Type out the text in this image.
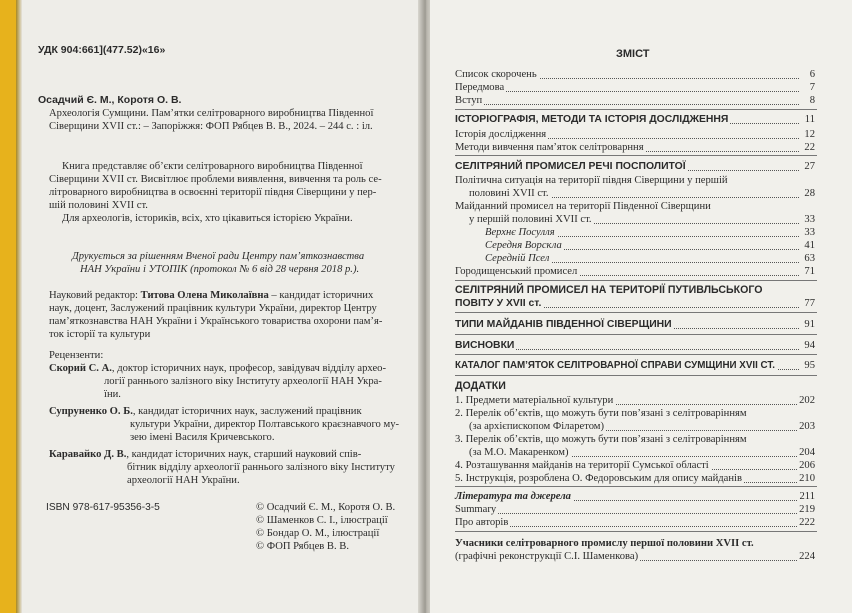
УДК 904:661](477.52)«16»
Осадчий Є. М., Коротя О. В.
Археологія Сумщини. Пам’ятки селітроварного виробництва Південної
Сіверщини XVII ст.: – Запоріжжя: ФОП Рябцев В. В., 2024. – 244 с. : іл.
Книга представляє об’єкти селітроварного виробництва Південної
Сіверщини XVII ст. Висвітлює проблеми виявлення, вивчення та роль се-
літроварного виробництва в освоєнні території півдня Сіверщини у пер-
шій половині XVII ст.
Для археологів, істориків, всіх, хто цікавиться історією України.
Друкується за рішенням Вченої ради Центру пам’яткознавства
НАН України і УТОПІК (протокол № 6 від 28 червня 2018 р.).
Науковий редактор: Титова Олена Миколаївна – кандидат історичних
наук, доцент, Заслужений працівник культури України, директор Центру
пам’яткознавства НАН України і Українського товариства охорони пам’я-
ток історії та культури
Рецензенти:
Скорий С. А., доктор історичних наук, професор, завідувач відділу архео-
логії раннього залізного віку Інституту археології НАН Укра-
їни.
Супруненко О. Б., кандидат історичних наук, заслужений працівник
культури України, директор Полтавського краєзнавчого му-
зею імені Василя Кричевського.
Каравайко Д. В., кандидат історичних наук, старший науковий спів-
бітник відділу археології раннього залізного віку Інституту
археології НАН України.
ISBN 978-617-95356-3-5	© Осадчий Є. М., Коротя О. В.
© Шаменков С. І., ілюстрації
© Бондар О. М., ілюстрації
© ФОП Рябцев В. В.
ЗМІСТ
Список скорочень	6
Передмова	7
Вступ	8
ІСТОРІОГРАФІЯ, МЕТОДИ ТА ІСТОРІЯ ДОСЛІДЖЕННЯ	11
Історія дослідження	12
Методи вивчення пам’яток селітроварння	22
СЕЛІТРЯНИЙ ПРОМИСЕЛ РЕЧІ ПОСПОЛИТОЇ	27
Політична ситуація на території півдня Сіверщини у першій
половині XVII ст.	28
Майданний промисел на території Південної Сіверщини
у першій половині XVII ст.	33
Верхнє Посулля	33
Середня Ворскла	41
Середній Псел	63
Городищенський промисел	71
СЕЛІТРЯНИЙ ПРОМИСЕЛ НА ТЕРИТОРІЇ ПУТИВЛЬСЬКОГО
ПОВІТУ У XVII ст.	77
ТИПИ МАЙДАНІВ ПІВДЕННОЇ СІВЕРЩИНИ	91
ВИСНОВКИ	94
КАТАЛОГ ПАМ’ЯТОК СЕЛІТРОВАРНОЇ СПРАВИ СУМЩИНИ XVII СТ.	95
ДОДАТКИ
1. Предмети матеріальної культури	202
2. Перелік об’єктів, що можуть бути пов’язані з селітроварінням
(за архієпископом Філаретом)	203
3. Перелік об’єктів, що можуть бути пов’язані з селітроварінням
(за М.О. Макаренком)	204
4. Розташування майданів на території Сумської області	206
5. Інструкція, розроблена О. Федоровським для опису майданів	210
Література та джерела	211
Summary	219
Про авторів	222
Учасники селітроварного промислу першої половини XVII ст.
(графічні реконструкції С.І. Шаменкова)	224
